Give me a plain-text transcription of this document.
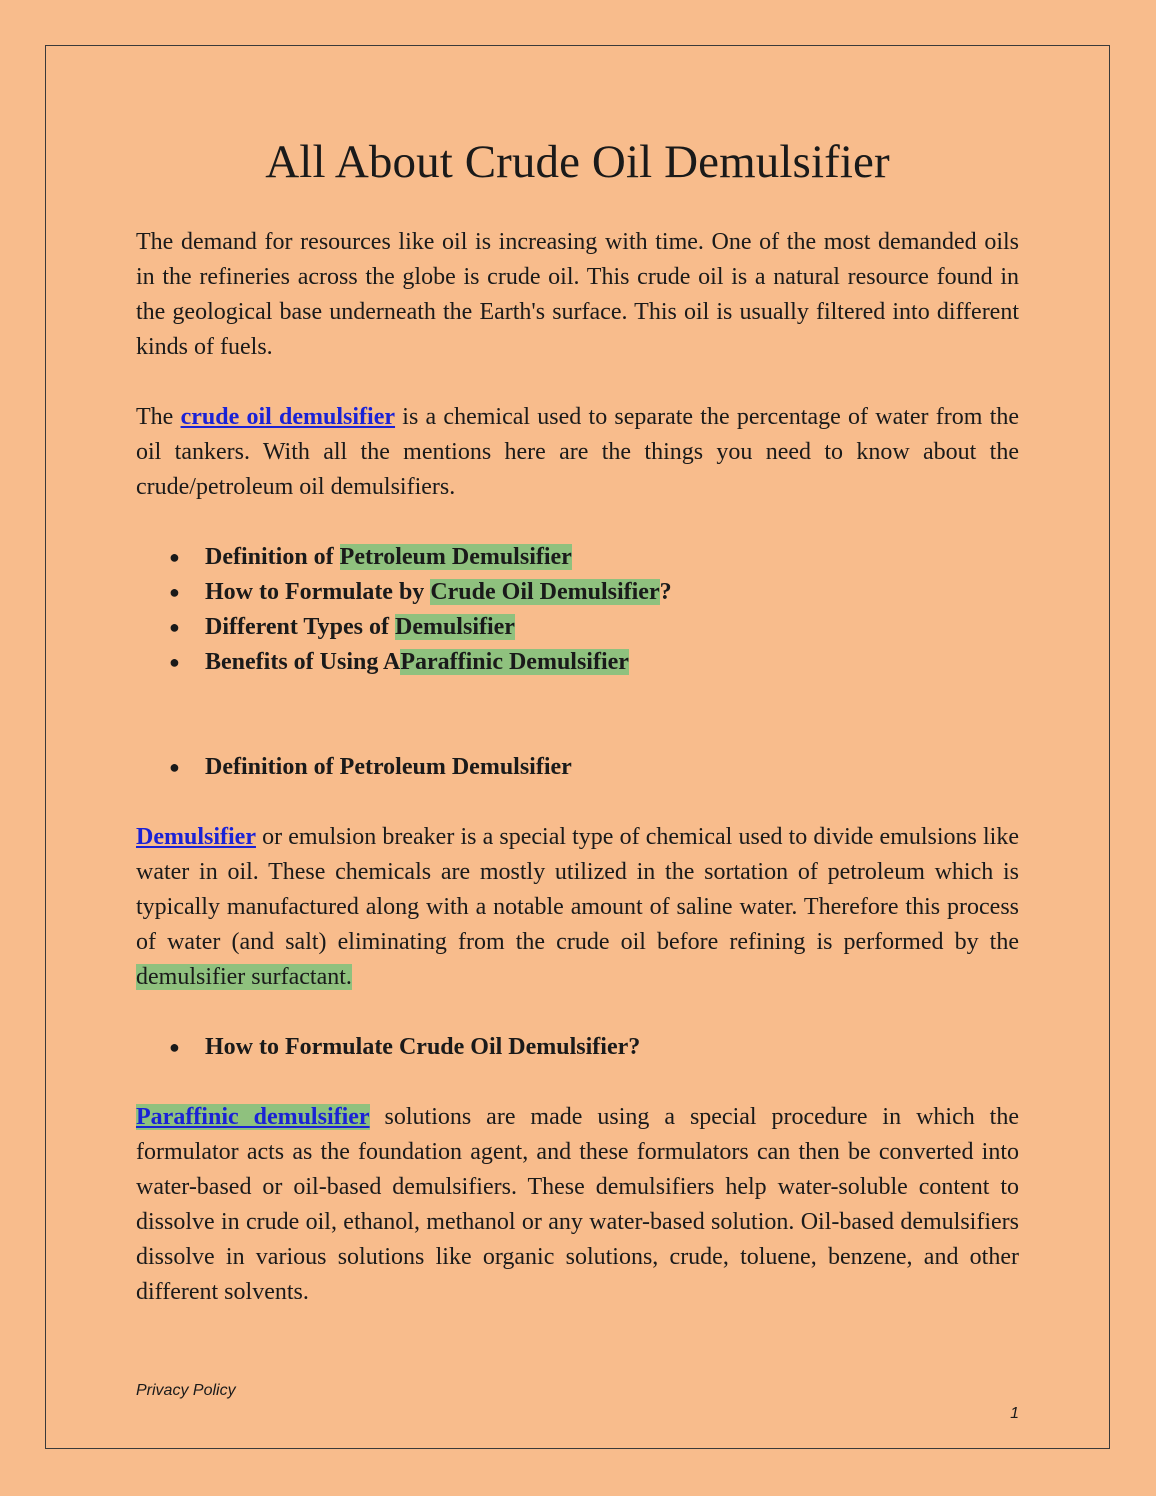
All About Crude Oil Demulsifier

The demand for resources like oil is increasing with time. One of the most demanded oils in the refineries across the globe is crude oil. This crude oil is a natural resource found in the geological base underneath the Earth's surface. This oil is usually filtered into different kinds of fuels.

The crude oil demulsifier is a chemical used to separate the percentage of water from the oil tankers. With all the mentions here are the things you need to know about the crude/petroleum oil demulsifiers.

● Definition of Petroleum Demulsifier
● How to Formulate by Crude Oil Demulsifier?
● Different Types of Demulsifier
● Benefits of Using AParaffinic Demulsifier
● Definition of Petroleum Demulsifier

Demulsifier or emulsion breaker is a special type of chemical used to divide emulsions like water in oil. These chemicals are mostly utilized in the sortation of petroleum which is typically manufactured along with a notable amount of saline water. Therefore this process of water (and salt) eliminating from the crude oil before refining is performed by the demulsifier surfactant.

● How to Formulate Crude Oil Demulsifier?

Paraffinic demulsifier solutions are made using a special procedure in which the formulator acts as the foundation agent, and these formulators can then be converted into water-based or oil-based demulsifiers. These demulsifiers help water-soluble content to dissolve in crude oil, ethanol, methanol or any water-based solution. Oil-based demulsifiers dissolve in various solutions like organic solutions, crude, toluene, benzene, and other different solvents.

Privacy Policy
1
